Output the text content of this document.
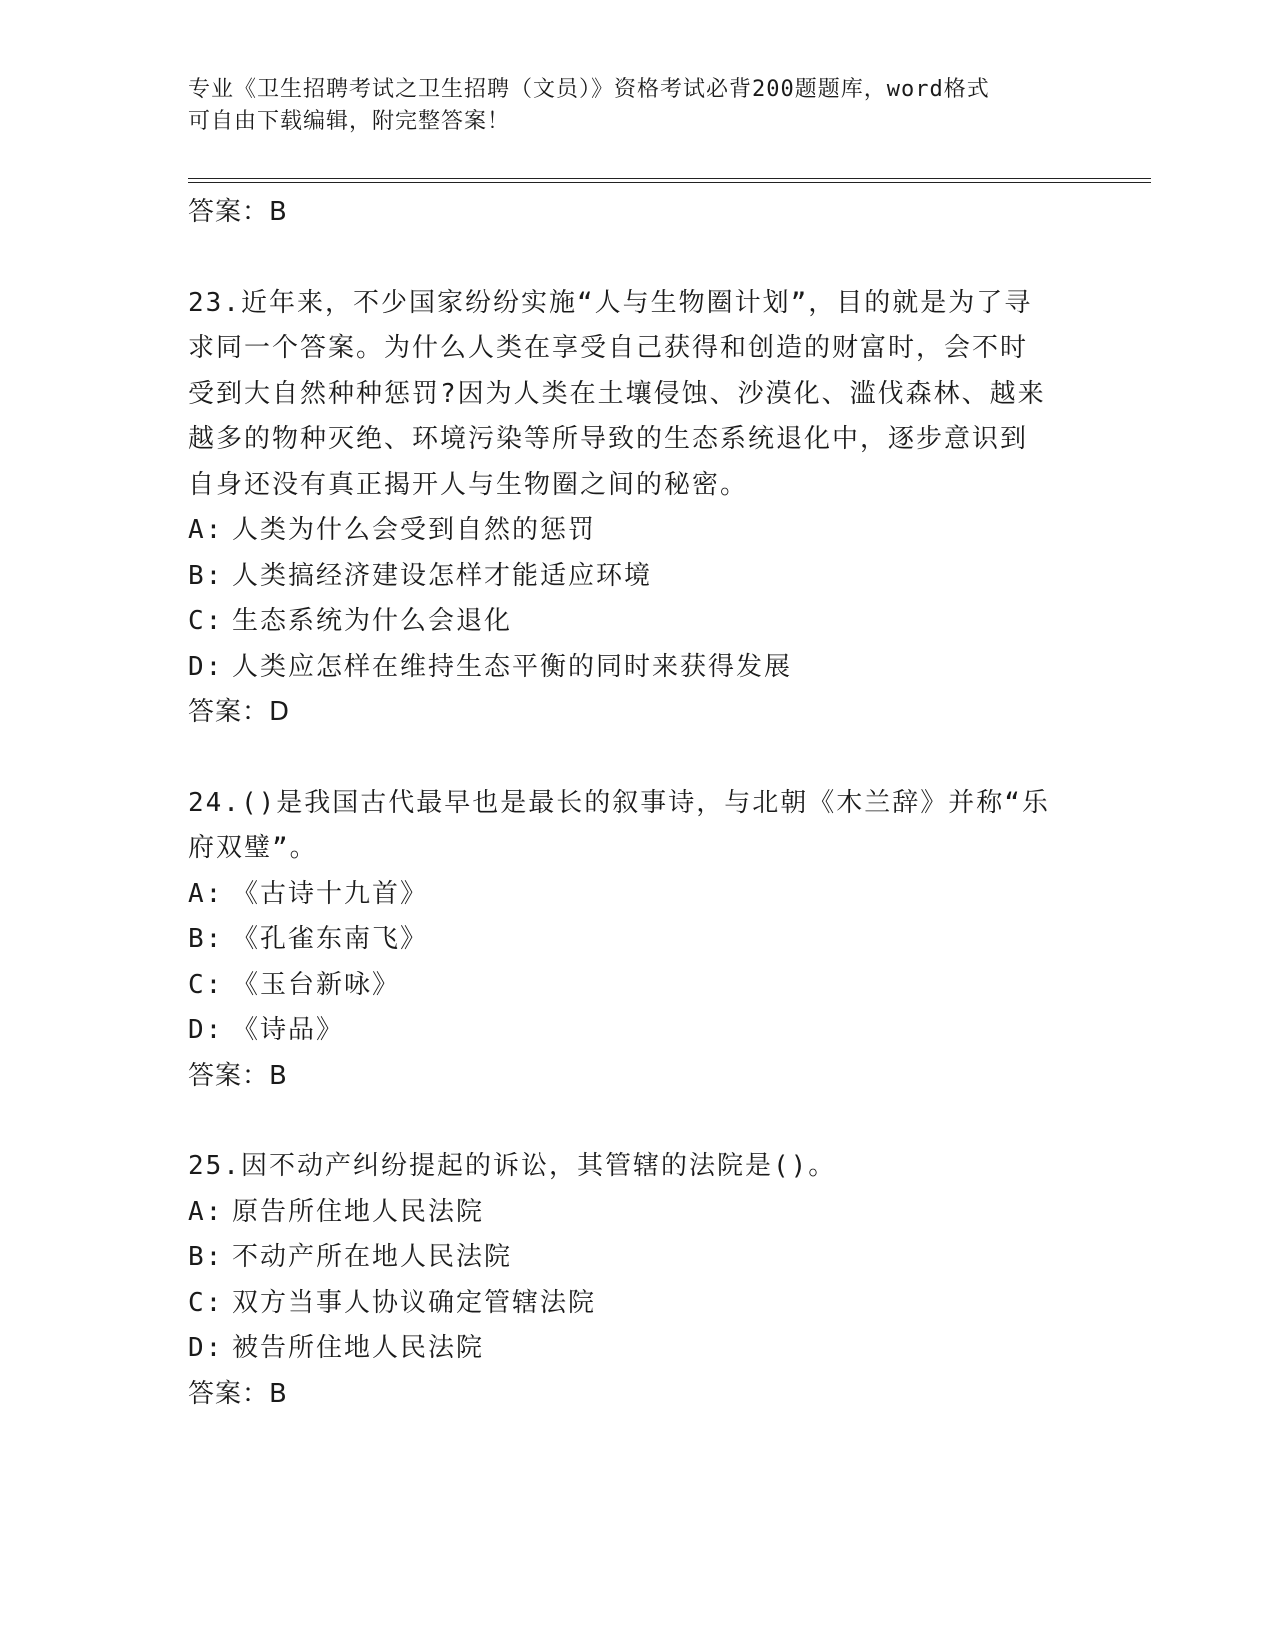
专业《卫生招聘考试之卫生招聘（文员）》资格考试必背200题题库，word格式

可自由下载编辑，附完整答案！

答案：B

23.近年来，不少国家纷纷实施“人与生物圈计划”，目的就是为了寻

求同一个答案。为什么人类在享受自己获得和创造的财富时，会不时

受到大自然种种惩罚?因为人类在土壤侵蚀、沙漠化、滥伐森林、越来

越多的物种灭绝、环境污染等所导致的生态系统退化中，逐步意识到

自身还没有真正揭开人与生物圈之间的秘密。

A: 人类为什么会受到自然的惩罚

B: 人类搞经济建设怎样才能适应环境

C: 生态系统为什么会退化

D: 人类应怎样在维持生态平衡的同时来获得发展

答案：D

24.()是我国古代最早也是最长的叙事诗，与北朝《木兰辞》并称“乐

府双璧”。

A: 《古诗十九首》

B: 《孔雀东南飞》

C: 《玉台新咏》

D: 《诗品》

答案：B

25.因不动产纠纷提起的诉讼，其管辖的法院是()。

A: 原告所住地人民法院

B: 不动产所在地人民法院

C: 双方当事人协议确定管辖法院

D: 被告所住地人民法院

答案：B
